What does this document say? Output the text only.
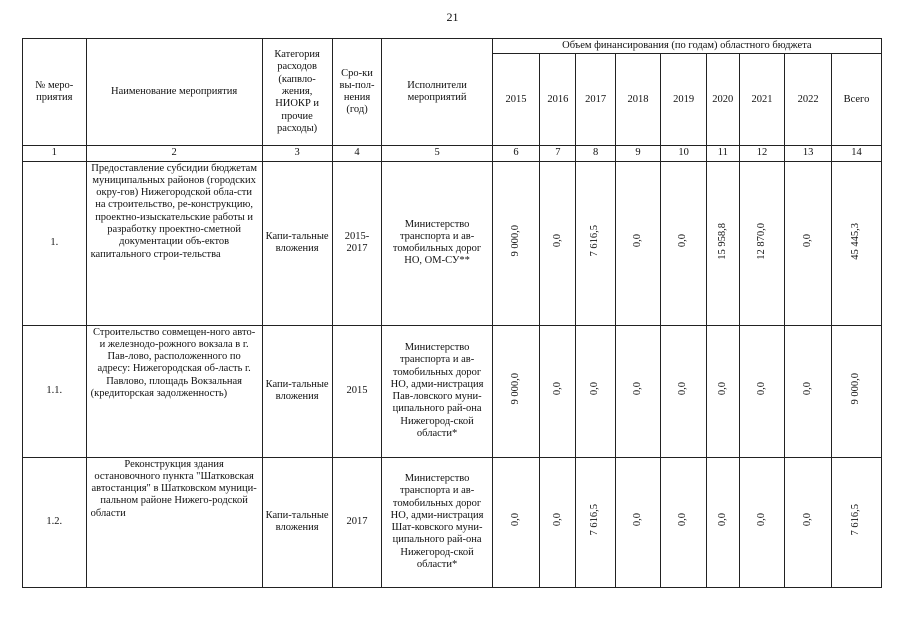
21
№ меро-приятия	Наименование мероприятия	Категория расходов (капвло-жения, НИОКР и прочие расходы)	Сро-ки вы-пол-нения (год)	Исполнители мероприятий	Объем финансирования (по годам) областного бюджета								
					2015	2016	2017	2018	2019	2020	2021	2022	Всего
1	2	3	4	5	6	7	8	9	10	11	12	13	14
1.	Предоставление субсидии бюджетам муниципальных районов (городских окру-гов) Нижегородской обла-сти на строительство, ре-конструкцию, проектно-изыскательские работы и разработку проектно-сметной документации объ-ектов капитального строи-тельства	Капи-тальные вложения	2015-2017	Министерство транспорта и ав-томобильных дорог НО, ОМ-СУ**	9 000,0	0,0	7 616,5	0,0	0,0	15 958,8	12 870,0	0,0	45 445,3
1.1.	Строительство совмещен-ного авто- и железнодо-рожного вокзала в г. Пав-лово, расположенного по адресу: Нижегородская об-ласть г. Павлово, площадь Вокзальная (кредиторская задолженность)	Капи-тальные вложения	2015	Министерство транспорта и ав-томобильных дорог НО, адми-нистрация Пав-ловского муни-ципального рай-она Нижегород-ской области*	9 000,0	0,0	0,0	0,0	0,0	0,0	0,0	0,0	9 000,0
1.2.	Реконструкция здания остановочного пункта "Шатковская автостанция" в Шатковском муници-пальном районе Нижего-родской области	Капи-тальные вложения	2017	Министерство транспорта и ав-томобильных дорог НО, адми-нистрация Шат-ковского муни-ципального рай-она Нижегород-ской области*	0,0	0,0	7 616,5	0,0	0,0	0,0	0,0	0,0	7 616,5
